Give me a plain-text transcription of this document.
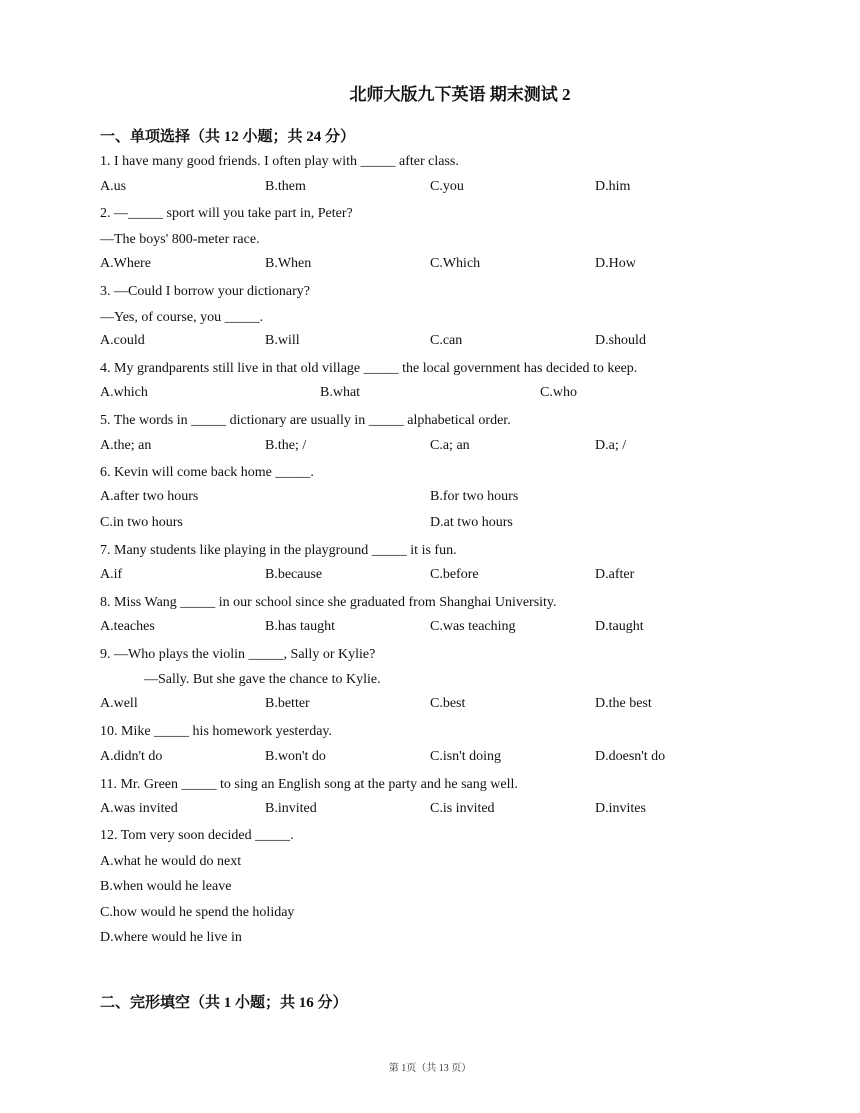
北师大版九下英语 期末测试 2
一、单项选择（共 12 小题；共 24 分）
1. I have many good friends. I often play with _____ after class.
A.us	B.them	C.you	D.him
2. —_____ sport will you take part in, Peter?
—The boys' 800-meter race.
A.Where	B.When	C.Which	D.How
3. —Could I borrow your dictionary?
—Yes, of course, you _____.
A.could	B.will	C.can	D.should
4. My grandparents still live in that old village _____ the local government has decided to keep.
A.which	B.what	C.who
5. The words in _____ dictionary are usually in _____ alphabetical order.
A.the; an	B.the; /	C.a; an	D.a; /
6. Kevin will come back home _____.
A.after two hours	B.for two hours
C.in two hours	D.at two hours
7. Many students like playing in the playground _____ it is fun.
A.if	B.because	C.before	D.after
8. Miss Wang _____ in our school since she graduated from Shanghai University.
A.teaches	B.has taught	C.was teaching	D.taught
9. —Who plays the violin _____, Sally or Kylie?
—Sally. But she gave the chance to Kylie.
A.well	B.better	C.best	D.the best
10. Mike _____ his homework yesterday.
A.didn't do	B.won't do	C.isn't doing	D.doesn't do
11. Mr. Green _____ to sing an English song at the party and he sang well.
A.was invited	B.invited	C.is invited	D.invites
12. Tom very soon decided _____.
A.what he would do next
B.when would he leave
C.how would he spend the holiday
D.where would he live in
二、完形填空（共 1 小题；共 16 分）
第 1页（共 13 页）
